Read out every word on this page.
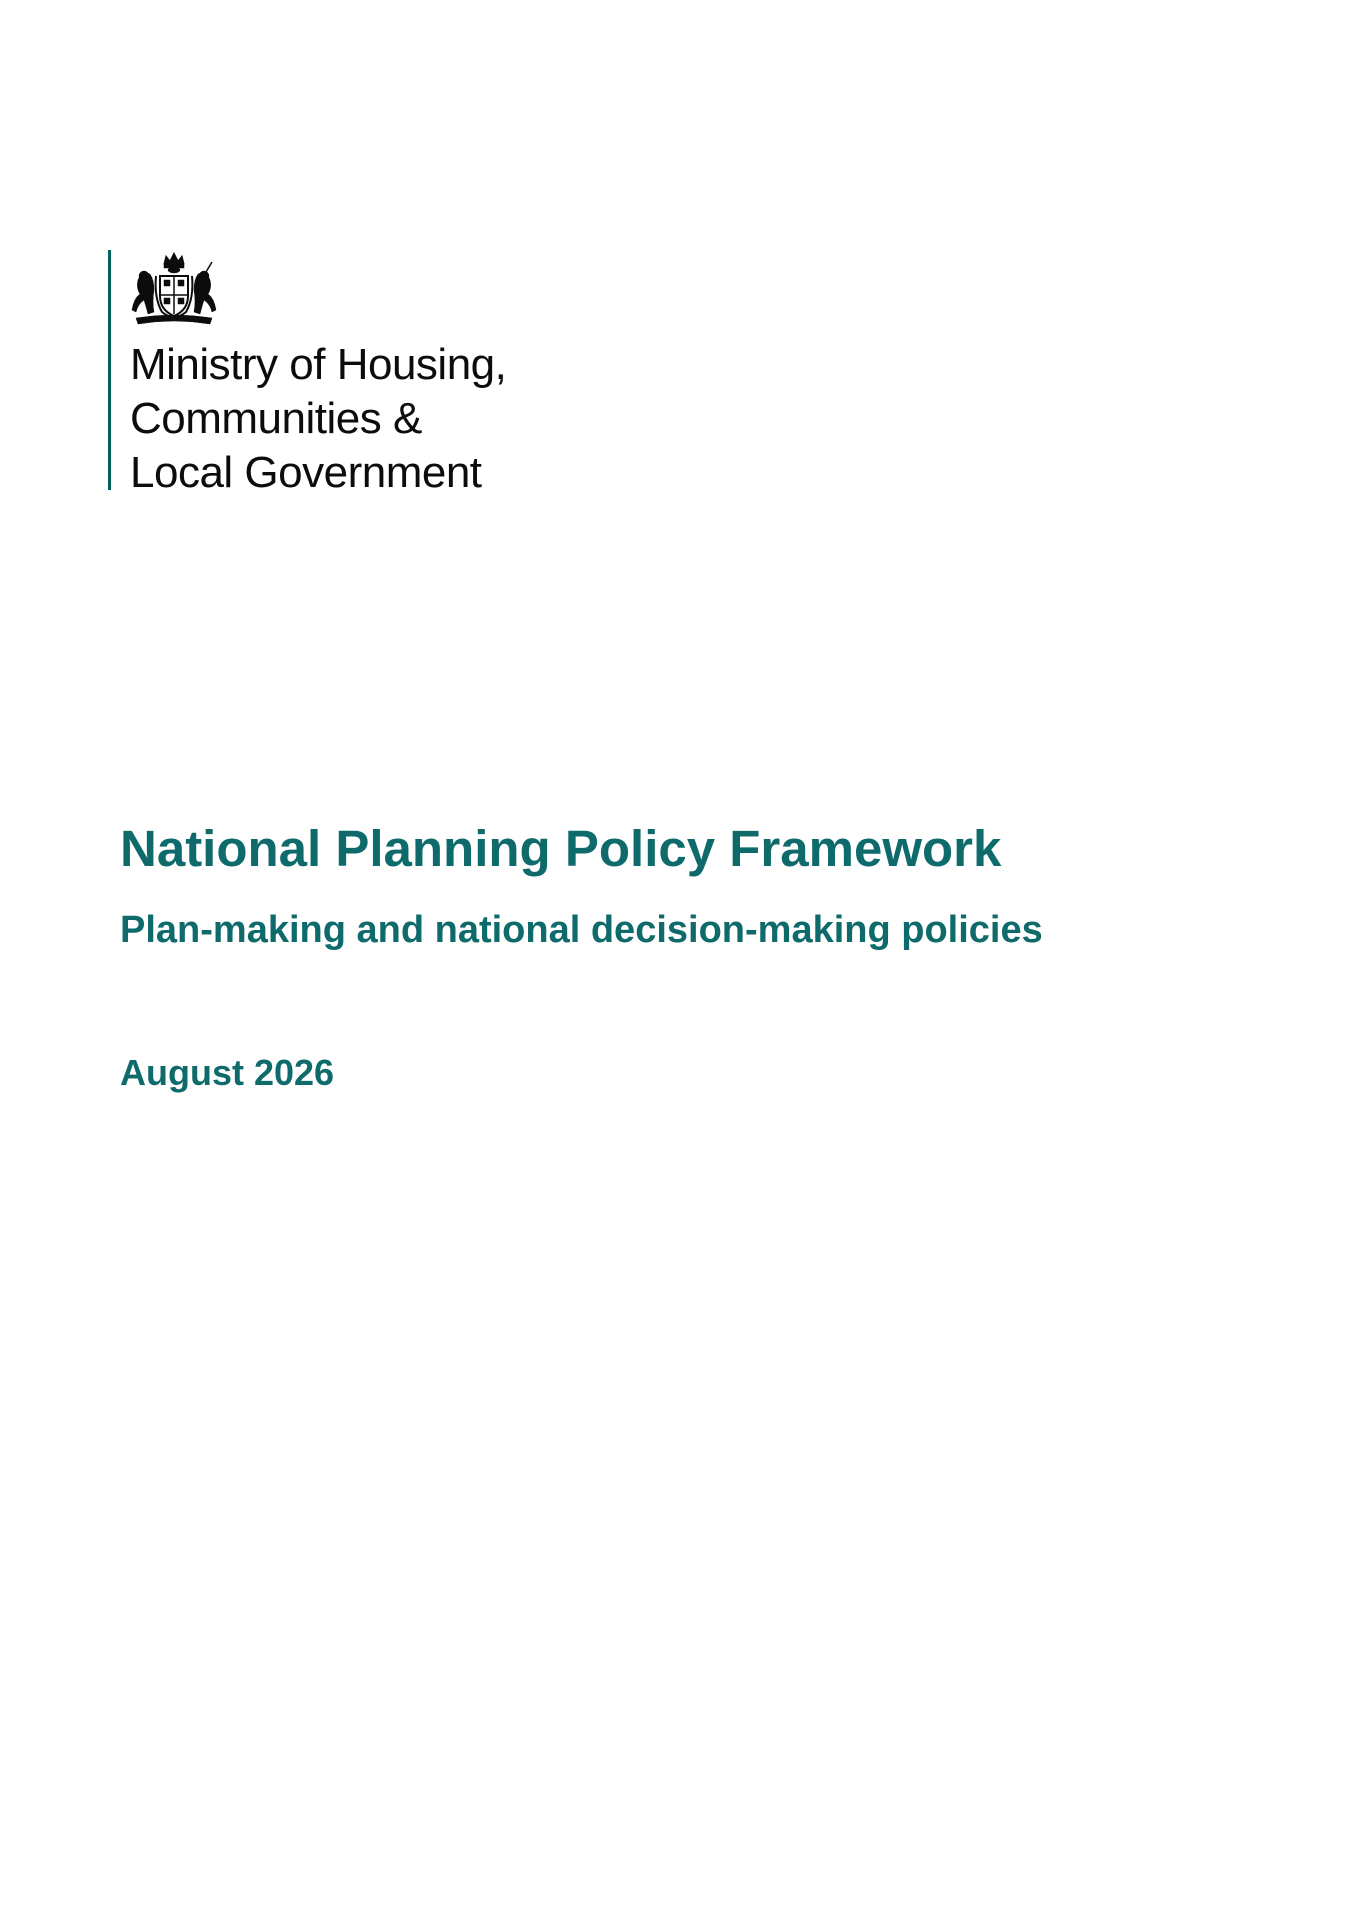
Ministry of Housing,
Communities &
Local Government
National Planning Policy Framework
Plan-making and national decision-making policies
August 2026
